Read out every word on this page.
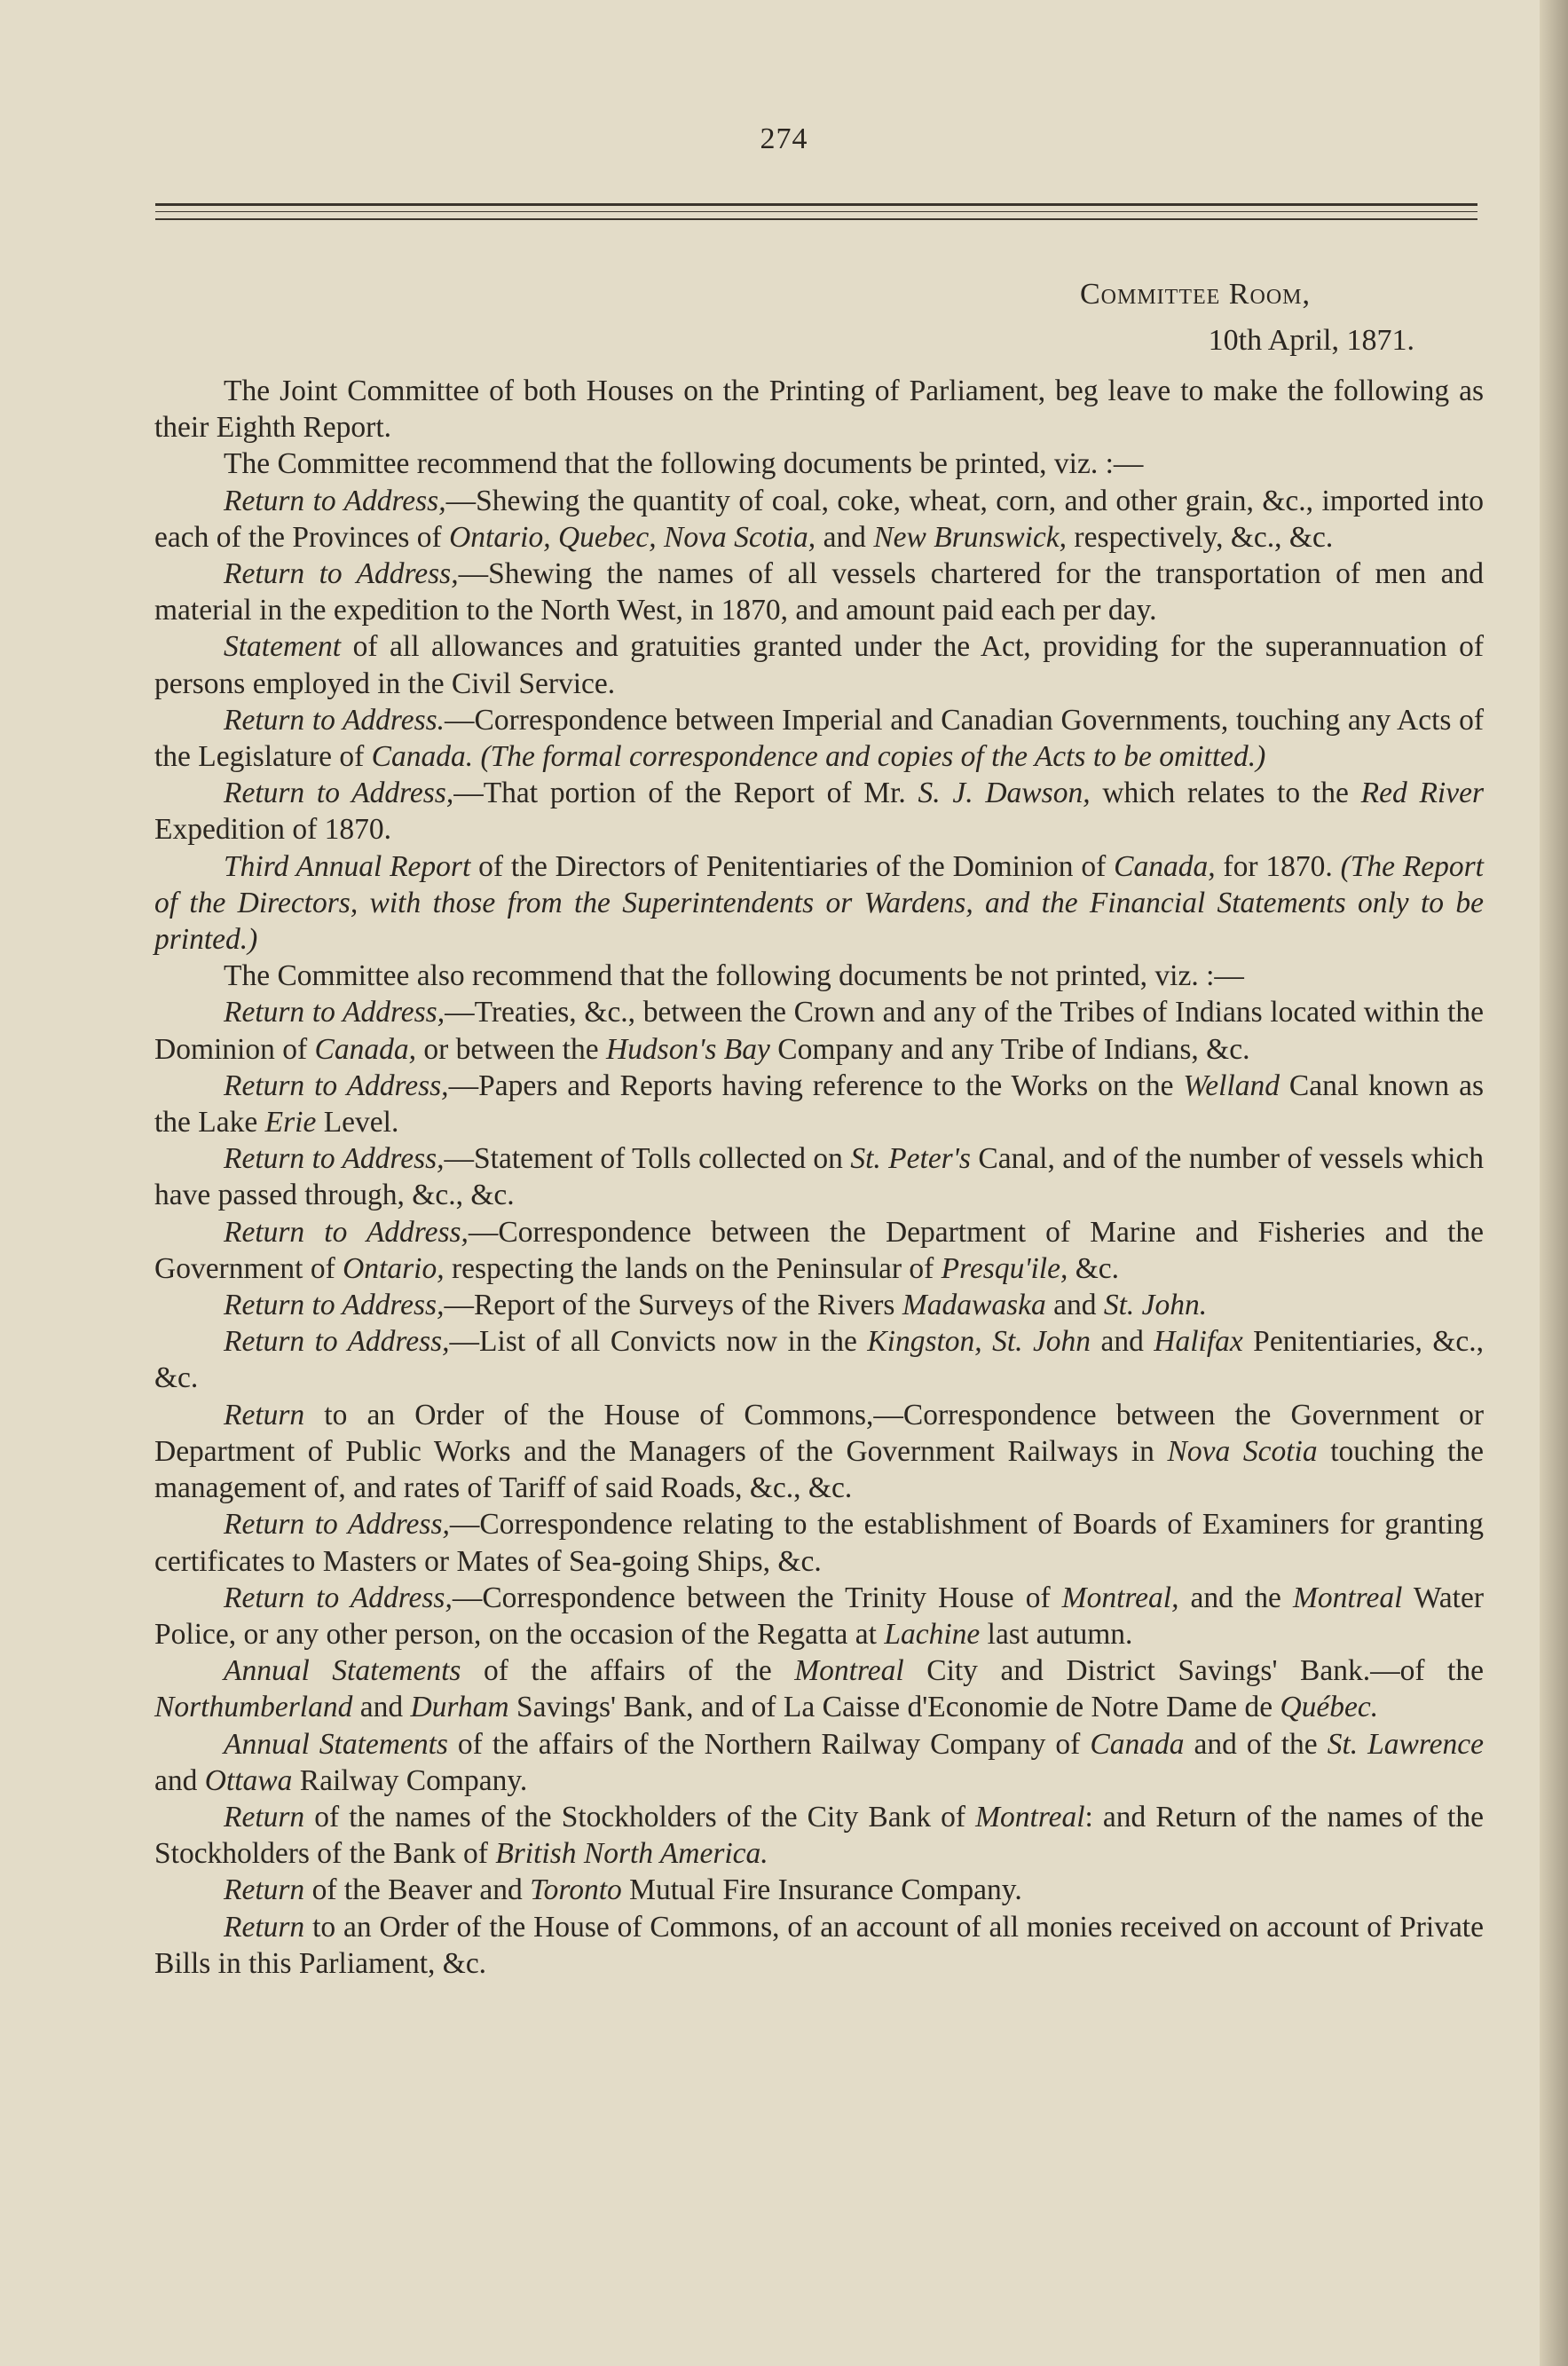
274
Committee Room,
10th April, 1871.

The Joint Committee of both Houses on the Printing of Parliament, beg leave to make the following as their Eighth Report.

The Committee recommend that the following documents be printed, viz. :—

Return to Address,—Shewing the quantity of coal, coke, wheat, corn, and other grain, &c., imported into each of the Provinces of Ontario, Quebec, Nova Scotia, and New Brunswick, respectively, &c., &c.

Return to Address,—Shewing the names of all vessels chartered for the transportation of men and material in the expedition to the North West, in 1870, and amount paid each per day.

Statement of all allowances and gratuities granted under the Act, providing for the superannuation of persons employed in the Civil Service.

Return to Address.—Correspondence between Imperial and Canadian Governments, touching any Acts of the Legislature of Canada. (The formal correspondence and copies of the Acts to be omitted.)

Return to Address,—That portion of the Report of Mr. S. J. Dawson, which relates to the Red River Expedition of 1870.

Third Annual Report of the Directors of Penitentiaries of the Dominion of Canada, for 1870. (The Report of the Directors, with those from the Superintendents or Wardens, and the Financial Statements only to be printed.)

The Committee also recommend that the following documents be not printed, viz. :—

Return to Address,—Treaties, &c., between the Crown and any of the Tribes of Indians located within the Dominion of Canada, or between the Hudson's Bay Company and any Tribe of Indians, &c.

Return to Address,—Papers and Reports having reference to the Works on the Welland Canal known as the Lake Erie Level.

Return to Address,—Statement of Tolls collected on St. Peter's Canal, and of the number of vessels which have passed through, &c., &c.

Return to Address,—Correspondence between the Department of Marine and Fisheries and the Government of Ontario, respecting the lands on the Peninsular of Presqu'ile, &c.

Return to Address,—Report of the Surveys of the Rivers Madawaska and St. John.

Return to Address,—List of all Convicts now in the Kingston, St. John and Halifax Penitentiaries, &c., &c.

Return to an Order of the House of Commons,—Correspondence between the Government or Department of Public Works and the Managers of the Government Railways in Nova Scotia touching the management of, and rates of Tariff of said Roads, &c., &c.

Return to Address,—Correspondence relating to the establishment of Boards of Examiners for granting certificates to Masters or Mates of Sea-going Ships, &c.

Return to Address,—Correspondence between the Trinity House of Montreal, and the Montreal Water Police, or any other person, on the occasion of the Regatta at Lachine last autumn.

Annual Statements of the affairs of the Montreal City and District Savings' Bank.—of the Northumberland and Durham Savings' Bank, and of La Caisse d'Economie de Notre Dame de Québec.

Annual Statements of the affairs of the Northern Railway Company of Canada and of the St. Lawrence and Ottawa Railway Company.

Return of the names of the Stockholders of the City Bank of Montreal: and Return of the names of the Stockholders of the Bank of British North America.

Return of the Beaver and Toronto Mutual Fire Insurance Company.

Return to an Order of the House of Commons, of an account of all monies received on account of Private Bills in this Parliament, &c.
